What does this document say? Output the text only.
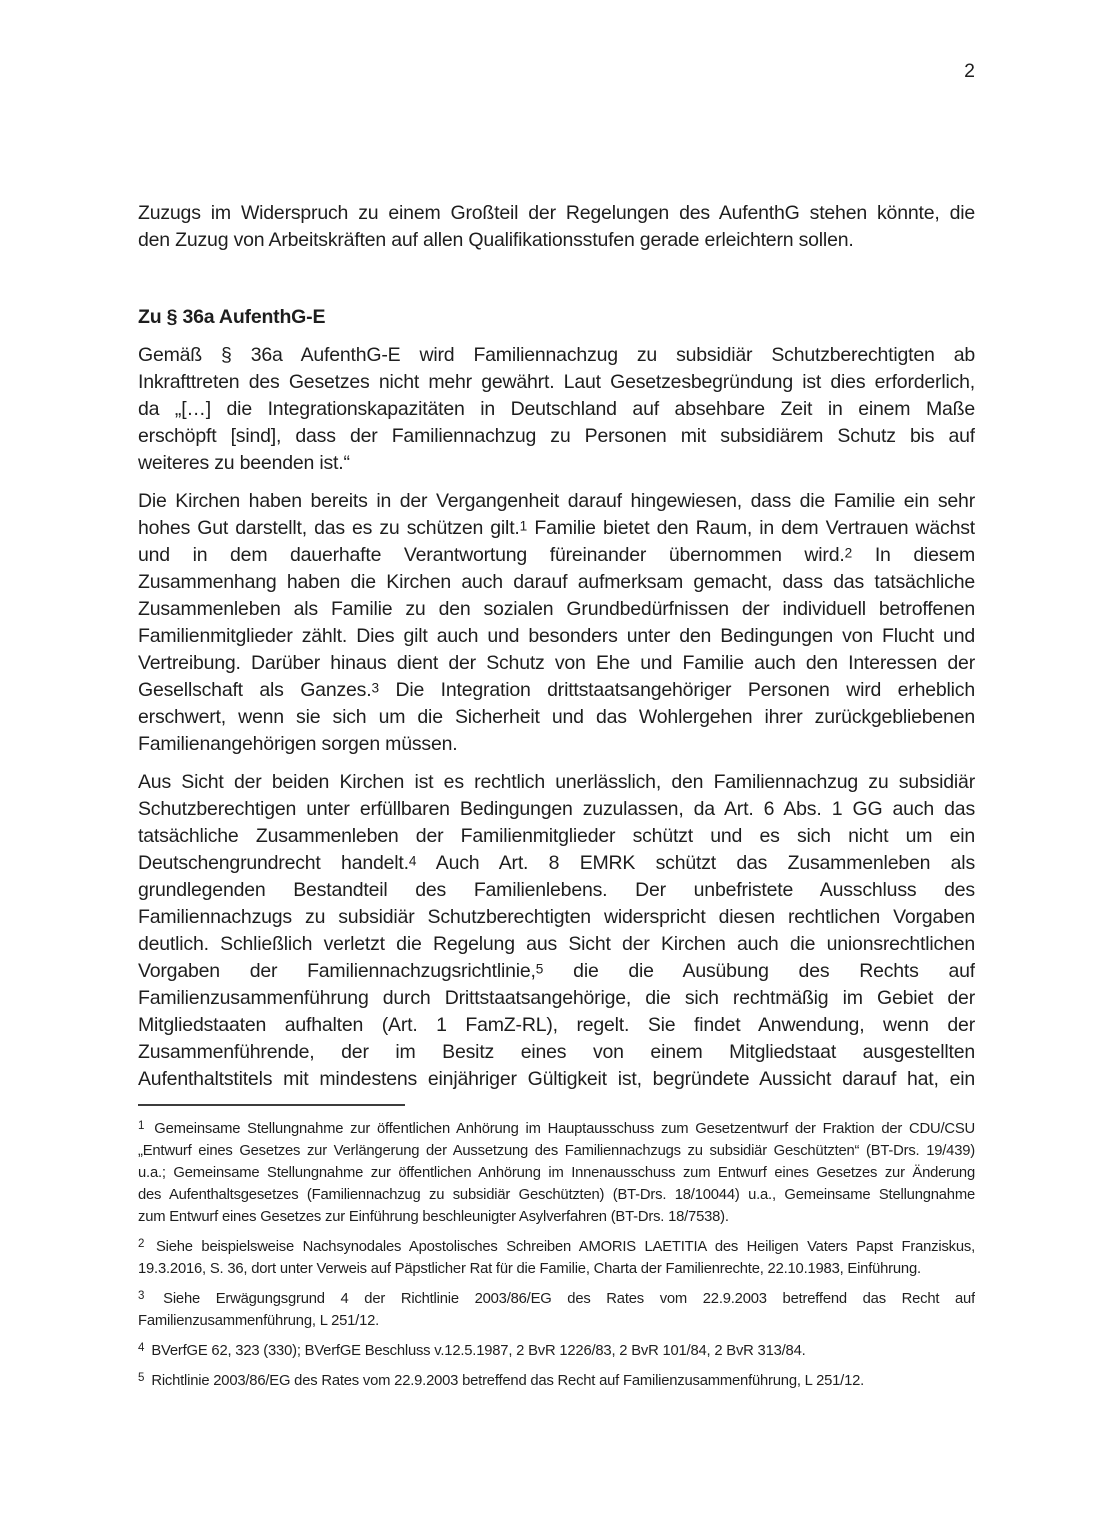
2
Zuzugs im Widerspruch zu einem Großteil der Regelungen des AufenthG stehen könnte, die
den Zuzug von Arbeitskräften auf allen Qualifikationsstufen gerade erleichtern sollen.
Zu § 36a AufenthG-E
Gemäß § 36a AufenthG-E wird Familiennachzug zu subsidiär Schutzberechtigten ab
Inkrafttreten des Gesetzes nicht mehr gewährt. Laut Gesetzesbegründung ist dies erforderlich,
da „[…] die Integrationskapazitäten in Deutschland auf absehbare Zeit in einem Maße
erschöpft [sind], dass der Familiennachzug zu Personen mit subsidiärem Schutz bis auf
weiteres zu beenden ist.“
Die Kirchen haben bereits in der Vergangenheit darauf hingewiesen, dass die Familie ein sehr
hohes Gut darstellt, das es zu schützen gilt.$^1$ Familie bietet den Raum, in dem Vertrauen wächst
und in dem dauerhafte Verantwortung füreinander übernommen wird.$^2$ In diesem
Zusammenhang haben die Kirchen auch darauf aufmerksam gemacht, dass das tatsächliche
Zusammenleben als Familie zu den sozialen Grundbedürfnissen der individuell betroffenen
Familienmitglieder zählt. Dies gilt auch und besonders unter den Bedingungen von Flucht und
Vertreibung. Darüber hinaus dient der Schutz von Ehe und Familie auch den Interessen der
Gesellschaft als Ganzes.$^3$ Die Integration drittstaatsangehöriger Personen wird erheblich
erschwert, wenn sie sich um die Sicherheit und das Wohlergehen ihrer zurückgebliebenen
Familienangehörigen sorgen müssen.
Aus Sicht der beiden Kirchen ist es rechtlich unerlässlich, den Familiennachzug zu subsidiär
Schutzberechtigen unter erfüllbaren Bedingungen zuzulassen, da Art. 6 Abs. 1 GG auch das
tatsächliche Zusammenleben der Familienmitglieder schützt und es sich nicht um ein
Deutschengrundrecht handelt.$^4$ Auch Art. 8 EMRK schützt das Zusammenleben als
grundlegenden Bestandteil des Familienlebens. Der unbefristete Ausschluss des
Familiennachzugs zu subsidiär Schutzberechtigten widerspricht diesen rechtlichen Vorgaben
deutlich. Schließlich verletzt die Regelung aus Sicht der Kirchen auch die unionsrechtlichen
Vorgaben der Familiennachzugsrichtlinie,$^5$ die die Ausübung des Rechts auf
Familienzusammenführung durch Drittstaatsangehörige, die sich rechtmäßig im Gebiet der
Mitgliedstaaten aufhalten (Art. 1 FamZ-RL), regelt. Sie findet Anwendung, wenn der
Zusammenführende, der im Besitz eines von einem Mitgliedstaat ausgestellten
Aufenthaltstitels mit mindestens einjähriger Gültigkeit ist, begründete Aussicht darauf hat, ein
$^1$ Gemeinsame Stellungnahme zur öffentlichen Anhörung im Hauptausschuss zum Gesetzentwurf der Fraktion der CDU/CSU
„Entwurf eines Gesetzes zur Verlängerung der Aussetzung des Familiennachzugs zu subsidiär Geschützten“ (BT-Drs. 19/439)
u.a.; Gemeinsame Stellungnahme zur öffentlichen Anhörung im Innenausschuss zum Entwurf eines Gesetzes zur Änderung
des Aufenthaltsgesetzes (Familiennachzug zu subsidiär Geschützten) (BT-Drs. 18/10044) u.a., Gemeinsame Stellungnahme
zum Entwurf eines Gesetzes zur Einführung beschleunigter Asylverfahren (BT-Drs. 18/7538).
$^2$ Siehe beispielsweise Nachsynodales Apostolisches Schreiben AMORIS LAETITIA des Heiligen Vaters Papst Franziskus,
19.3.2016, S. 36, dort unter Verweis auf Päpstlicher Rat für die Familie, Charta der Familienrechte, 22.10.1983, Einführung.
$^3$ Siehe Erwägungsgrund 4 der Richtlinie 2003/86/EG des Rates vom 22.9.2003 betreffend das Recht auf
Familienzusammenführung, L 251/12.
$^4$ BVerfGE 62, 323 (330); BVerfGE Beschluss v.12.5.1987, 2 BvR 1226/83, 2 BvR 101/84, 2 BvR 313/84.
$^5$ Richtlinie 2003/86/EG des Rates vom 22.9.2003 betreffend das Recht auf Familienzusammenführung, L 251/12.
